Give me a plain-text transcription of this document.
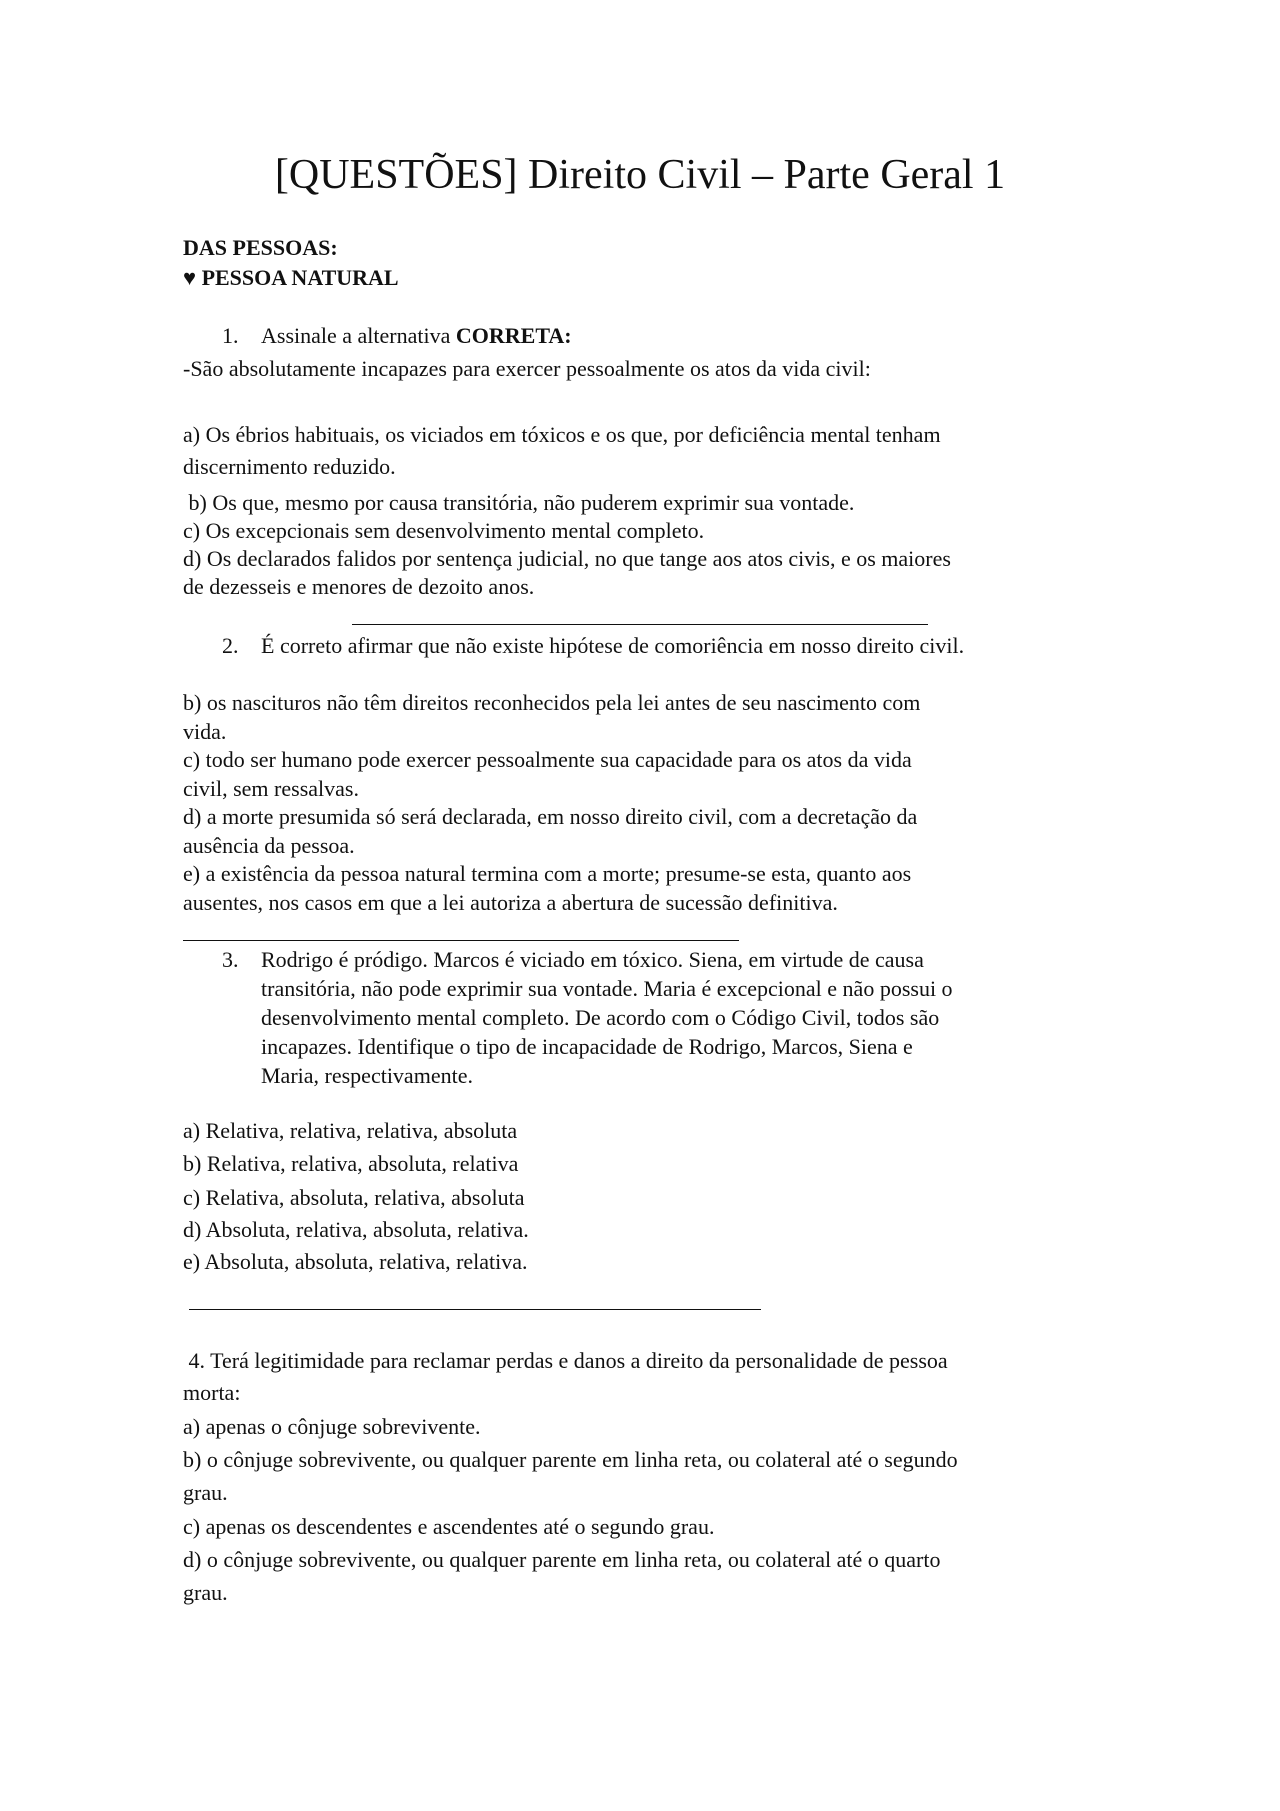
[QUESTÕES] Direito Civil – Parte Geral 1
DAS PESSOAS:
♥ PESSOA NATURAL
1. Assinale a alternativa CORRETA:
-São absolutamente incapazes para exercer pessoalmente os atos da vida civil:
a) Os ébrios habituais, os viciados em tóxicos e os que, por deficiência mental tenham
discernimento reduzido.
b) Os que, mesmo por causa transitória, não puderem exprimir sua vontade.
c) Os excepcionais sem desenvolvimento mental completo.
d) Os declarados falidos por sentença judicial, no que tange aos atos civis, e os maiores
de dezesseis e menores de dezoito anos.
2. É correto afirmar que não existe hipótese de comoriência em nosso direito civil.
b) os nascituros não têm direitos reconhecidos pela lei antes de seu nascimento com
vida.
c) todo ser humano pode exercer pessoalmente sua capacidade para os atos da vida
civil, sem ressalvas.
d) a morte presumida só será declarada, em nosso direito civil, com a decretação da
ausência da pessoa.
e) a existência da pessoa natural termina com a morte; presume-se esta, quanto aos
ausentes, nos casos em que a lei autoriza a abertura de sucessão definitiva.
3. Rodrigo é pródigo. Marcos é viciado em tóxico. Siena, em virtude de causa
transitória, não pode exprimir sua vontade. Maria é excepcional e não possui o
desenvolvimento mental completo. De acordo com o Código Civil, todos são
incapazes. Identifique o tipo de incapacidade de Rodrigo, Marcos, Siena e
Maria, respectivamente.
a) Relativa, relativa, relativa, absoluta
b) Relativa, relativa, absoluta, relativa
c) Relativa, absoluta, relativa, absoluta
d) Absoluta, relativa, absoluta, relativa.
e) Absoluta, absoluta, relativa, relativa.
4. Terá legitimidade para reclamar perdas e danos a direito da personalidade de pessoa
morta:
a) apenas o cônjuge sobrevivente.
b) o cônjuge sobrevivente, ou qualquer parente em linha reta, ou colateral até o segundo
grau.
c) apenas os descendentes e ascendentes até o segundo grau.
d) o cônjuge sobrevivente, ou qualquer parente em linha reta, ou colateral até o quarto
grau.
